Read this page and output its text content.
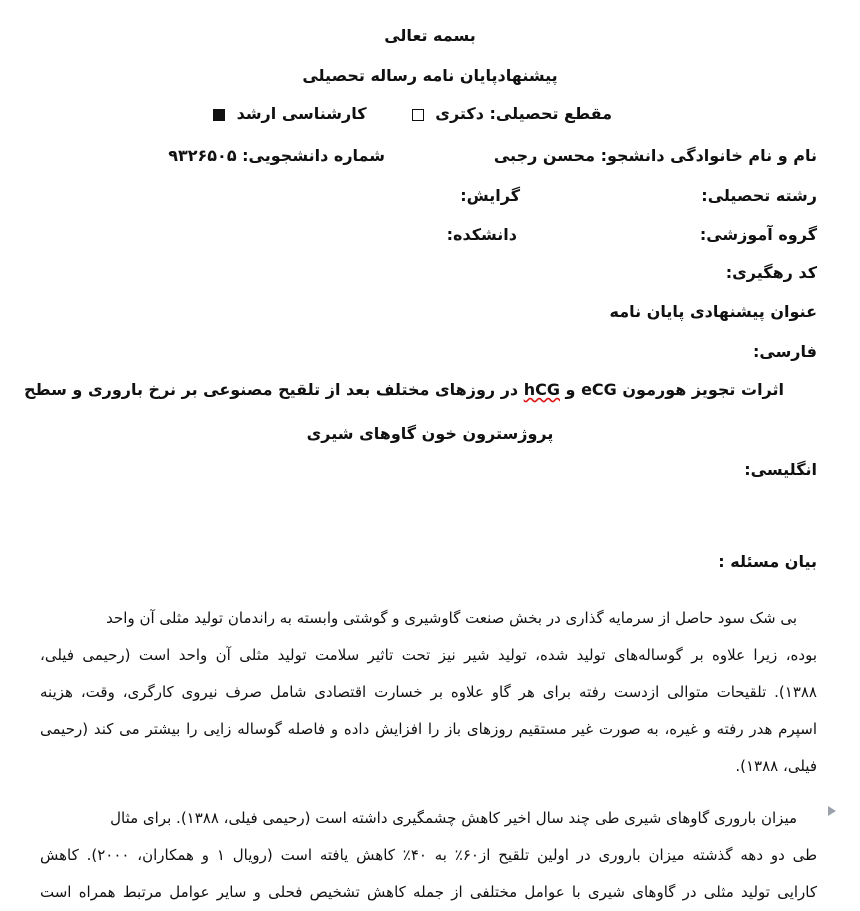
بسمه تعالی
پیشنهادپایان نامه رساله تحصیلی
مقطع تحصیلی: دکتری   کارشناسی ارشد
نام و نام خانوادگی دانشجو: محسن رجبی
شماره دانشجویی: ۹۳۲۶۵۰۵
رشته تحصیلی:
گرایش:
گروه آموزشی:
دانشکده:
کد رهگیری:
عنوان پیشنهادی پایان نامه
فارسی:
اثرات تجویز هورمون eCG و hCG در روزهای مختلف بعد از تلقیح مصنوعی بر نرخ باروری و سطح
پروژسترون خون گاوهای شیری
انگلیسی:
بیان مسئله :
بی شک سود حاصل از سرمایه گذاری در بخش صنعت گاوشیری و گوشتی وابسته به راندمان تولید مثلی آن واحد
بوده، زیرا علاوه بر گوساله‌های تولید شده، تولید شیر نیز تحت تاثیر سلامت تولید مثلی آن واحد است (رحیمی فیلی،
۱۳۸۸). تلقیحات متوالی ازدست رفته برای هر گاو علاوه بر خسارت اقتصادی شامل صرف نیروی کارگری، وقت، هزینه
اسپرم هدر رفته و غیره، به صورت غیر مستقیم روزهای باز را افزایش داده و فاصله گوساله زایی را بیشتر می کند (رحیمی
فیلی، ۱۳۸۸).
میزان باروری گاوهای شیری طی چند سال اخیر کاهش چشمگیری داشته است (رحیمی فیلی، ۱۳۸۸). برای مثال
طی دو دهه گذشته میزان باروری در اولین تلقیح از۶۰٪ به ۴۰٪ کاهش یافته است (رویال ۱ و همکاران، ۲۰۰۰). کاهش
کارایی تولید مثلی در گاوهای شیری با عوامل مختلفی از جمله کاهش تشخیص فحلی و سایر عوامل مرتبط همراه است
